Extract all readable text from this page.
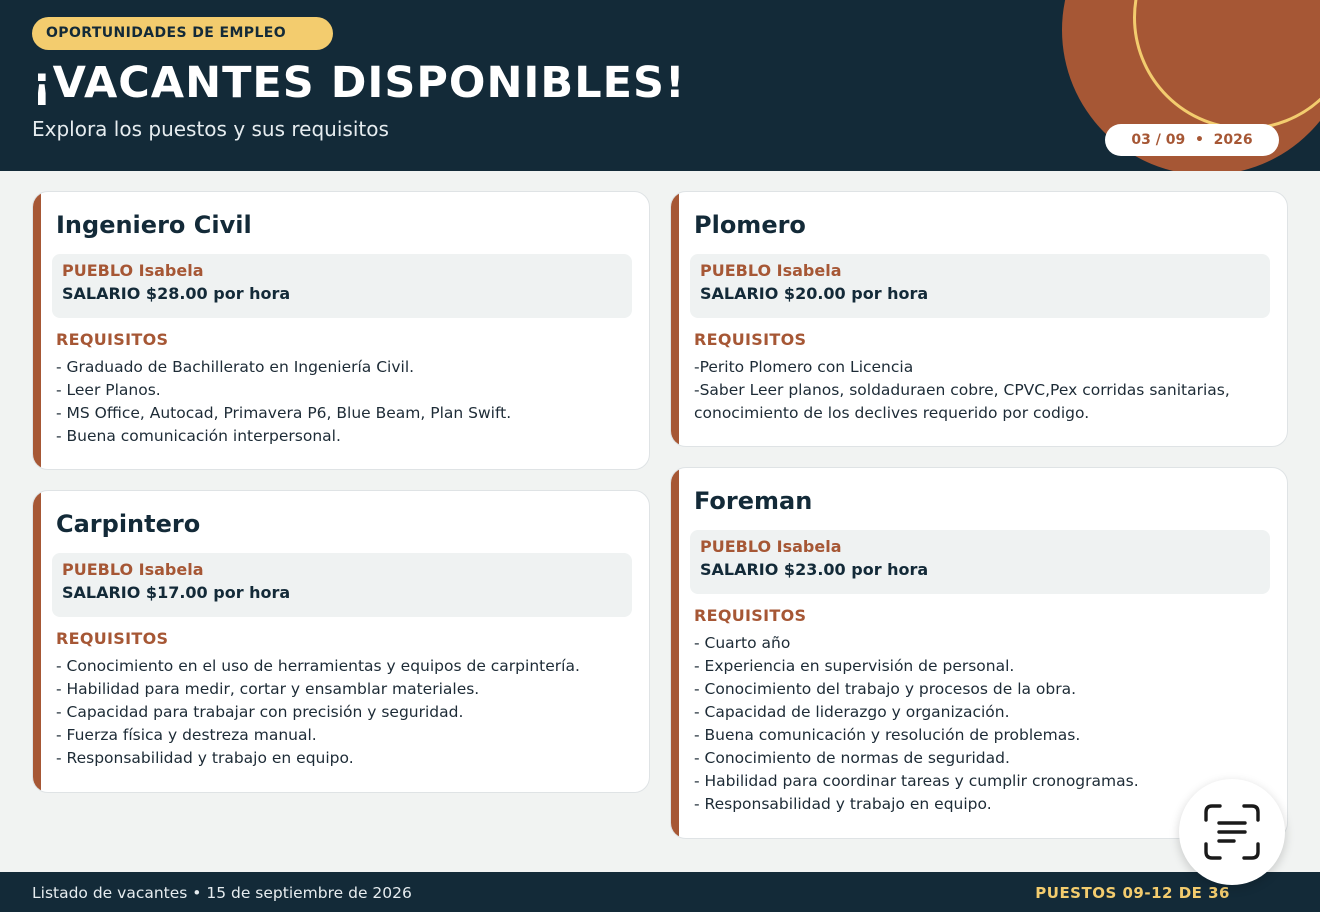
OPORTUNIDADES DE EMPLEO
¡VACANTES DISPONIBLES!
Explora los puestos y sus requisitos	03 / 09  •  2026
Ingeniero Civil
PUEBLO Isabela
SALARIO $28.00 por hora
REQUISITOS
- Graduado de Bachillerato en Ingeniería Civil.
- Leer Planos.
- MS Office, Autocad, Primavera P6, Blue Beam, Plan Swift.
- Buena comunicación interpersonal.
Carpintero
PUEBLO Isabela
SALARIO $17.00 por hora
REQUISITOS
- Conocimiento en el uso de herramientas y equipos de carpintería.
- Habilidad para medir, cortar y ensamblar materiales.
- Capacidad para trabajar con precisión y seguridad.
- Fuerza física y destreza manual.
- Responsabilidad y trabajo en equipo.
Plomero
PUEBLO Isabela
SALARIO $20.00 por hora
REQUISITOS
-Perito Plomero con Licencia
-Saber Leer planos, soldaduraen cobre, CPVC,Pex corridas sanitarias, conocimiento de los declives requerido por codigo.
Foreman
PUEBLO Isabela
SALARIO $23.00 por hora
REQUISITOS
- Cuarto año
- Experiencia en supervisión de personal.
- Conocimiento del trabajo y procesos de la obra.
- Capacidad de liderazgo y organización.
- Buena comunicación y resolución de problemas.
- Conocimiento de normas de seguridad.
- Habilidad para coordinar tareas y cumplir cronogramas.
- Responsabilidad y trabajo en equipo.
Listado de vacantes • 15 de septiembre de 2026	PUESTOS 09-12 DE 36
